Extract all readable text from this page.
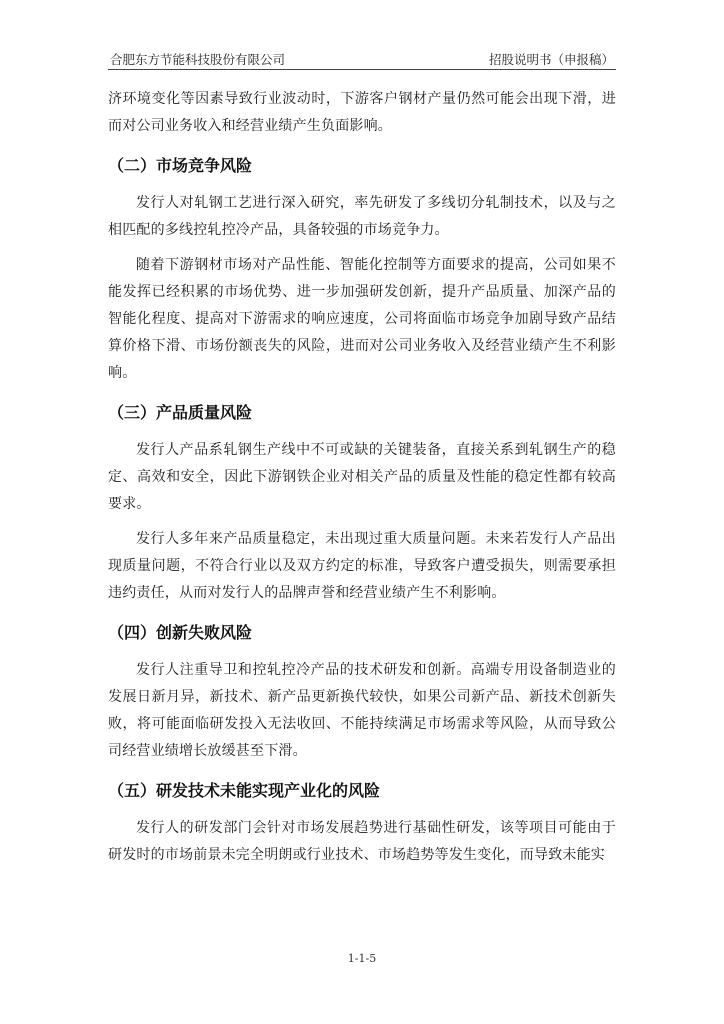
合肥东方节能科技股份有限公司	招股说明书（申报稿）

济环境变化等因素导致行业波动时，下游客户钢材产量仍然可能会出现下滑，进而对公司业务收入和经营业绩产生负面影响。

（二）市场竞争风险

发行人对轧钢工艺进行深入研究，率先研发了多线切分轧制技术，以及与之相匹配的多线控轧控冷产品，具备较强的市场竞争力。

随着下游钢材市场对产品性能、智能化控制等方面要求的提高，公司如果不能发挥已经积累的市场优势、进一步加强研发创新，提升产品质量、加深产品的智能化程度、提高对下游需求的响应速度，公司将面临市场竞争加剧导致产品结算价格下滑、市场份额丧失的风险，进而对公司业务收入及经营业绩产生不利影响。

（三）产品质量风险

发行人产品系轧钢生产线中不可或缺的关键装备，直接关系到轧钢生产的稳定、高效和安全，因此下游钢铁企业对相关产品的质量及性能的稳定性都有较高要求。

发行人多年来产品质量稳定，未出现过重大质量问题。未来若发行人产品出现质量问题，不符合行业以及双方约定的标准，导致客户遭受损失，则需要承担违约责任，从而对发行人的品牌声誉和经营业绩产生不利影响。

（四）创新失败风险

发行人注重导卫和控轧控冷产品的技术研发和创新。高端专用设备制造业的发展日新月异，新技术、新产品更新换代较快，如果公司新产品、新技术创新失败，将可能面临研发投入无法收回、不能持续满足市场需求等风险，从而导致公司经营业绩增长放缓甚至下滑。

（五）研发技术未能实现产业化的风险

发行人的研发部门会针对市场发展趋势进行基础性研发，该等项目可能由于研发时的市场前景未完全明朗或行业技术、市场趋势等发生变化，而导致未能实

1-1-5
